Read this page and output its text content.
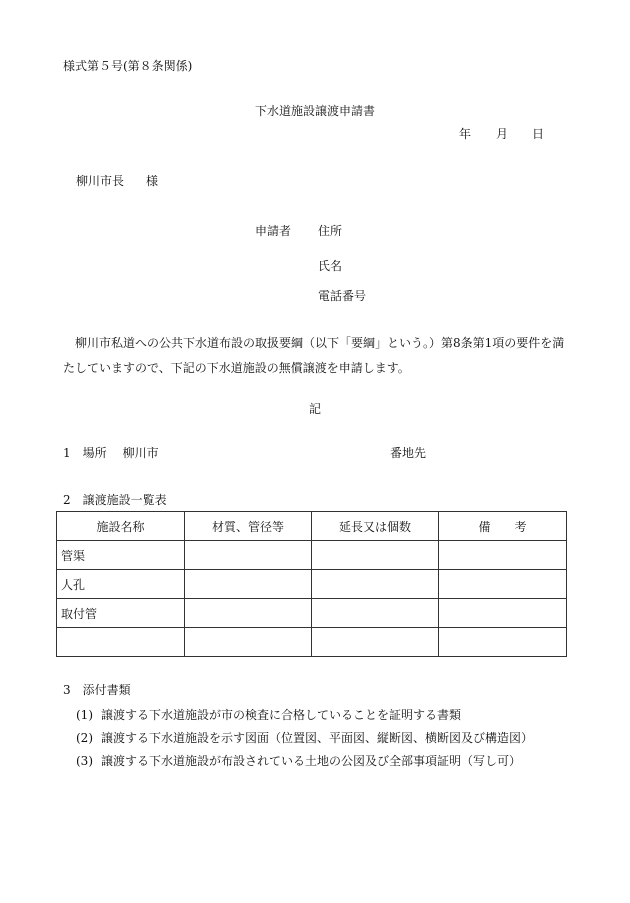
様式第５号(第８条関係)
下水道施設譲渡申請書
年 月 日
柳川市長 様
申請者 住所
氏名
電話番号
柳川市私道への公共下水道布設の取扱要綱（以下「要綱」という。）第8条第1項の要件を満たしていますので、下記の下水道施設の無償譲渡を申請します。
記
1 場所 柳川市	番地先
2 譲渡施設一覧表
施設名称	材質、管径等	延長又は個数	備　　考
管渠			
人孔			
取付管			

3 添付書類
(1) 譲渡する下水道施設が市の検査に合格していることを証明する書類
(2) 譲渡する下水道施設を示す図面（位置図、平面図、縦断図、横断図及び構造図）
(3) 譲渡する下水道施設が布設されている土地の公図及び全部事項証明（写し可）
